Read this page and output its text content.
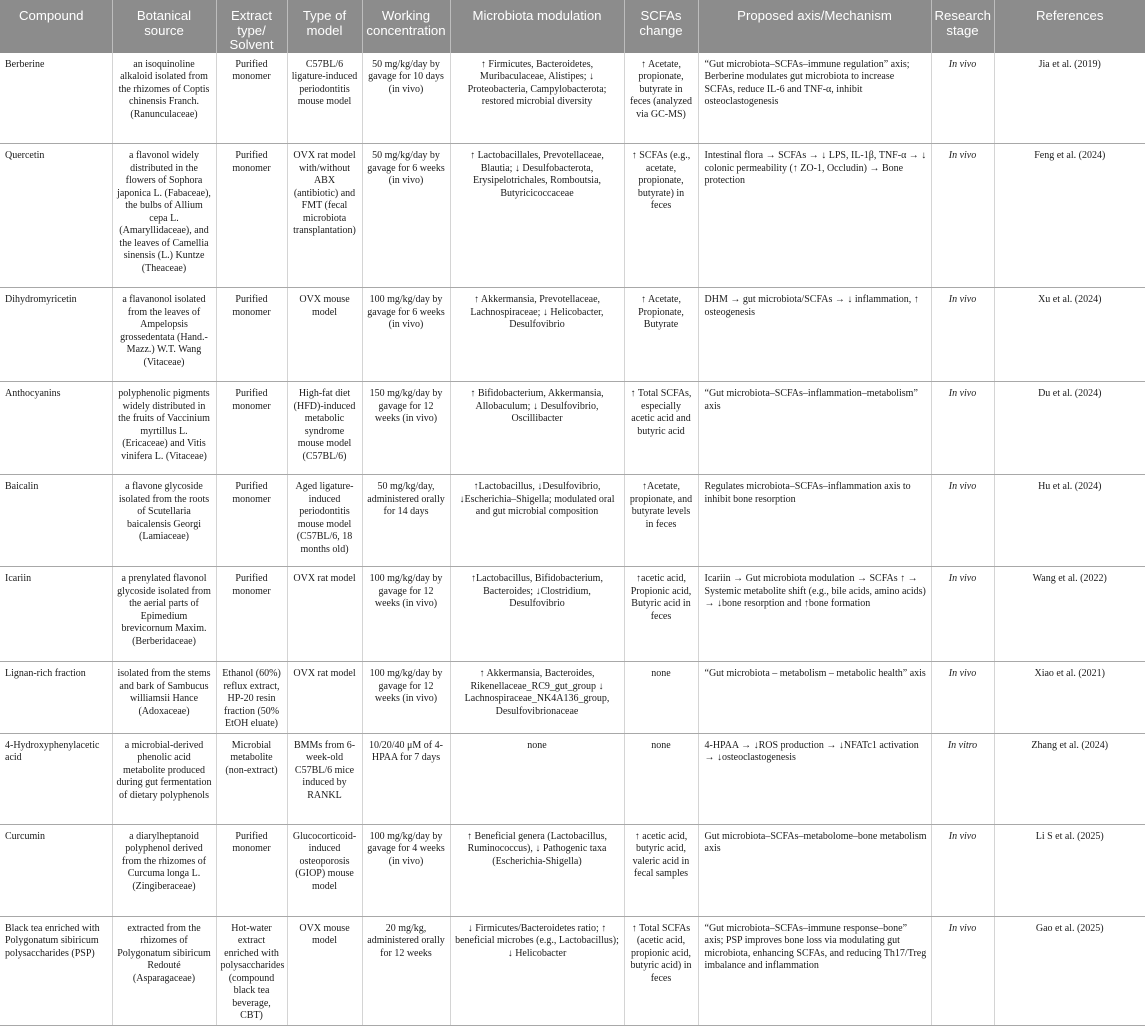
Compound	Botanical source	Extract type/ Solvent	Type of model	Working concentration	Microbiota modulation	SCFAs change	Proposed axis/Mechanism	Research stage	References
Berberine	an isoquinoline alkaloid isolated from the rhizomes of Coptis chinensis Franch. (Ranunculaceae)	Purified monomer	C57BL/6 ligature-induced periodontitis mouse model	50 mg/kg/day by gavage for 10 days (in vivo)	↑ Firmicutes, Bacteroidetes, Muribaculaceae, Alistipes; ↓ Proteobacteria, Campylobacterota; restored microbial diversity	↑ Acetate, propionate, butyrate in feces (analyzed via GC-MS)	“Gut microbiota–SCFAs–immune regulation” axis; Berberine modulates gut microbiota to increase SCFAs, reduce IL-6 and TNF-α, inhibit osteoclastogenesis	In vivo	Jia et al. (2019)
Quercetin	a flavonol widely distributed in the flowers of Sophora japonica L. (Fabaceae), the bulbs of Allium cepa L. (Amaryllidaceae), and the leaves of Camellia sinensis (L.) Kuntze (Theaceae)	Purified monomer	OVX rat model with/without ABX (antibiotic) and FMT (fecal microbiota transplantation)	50 mg/kg/day by gavage for 6 weeks (in vivo)	↑ Lactobacillales, Prevotellaceae, Blautia; ↓ Desulfobacterota, Erysipelotrichales, Romboutsia, Butyricicoccaceae	↑ SCFAs (e.g., acetate, propionate, butyrate) in feces	Intestinal flora → SCFAs → ↓ LPS, IL-1β, TNF-α → ↓ colonic permeability (↑ ZO-1, Occludin) → Bone protection	In vivo	Feng et al. (2024)
Dihydromyricetin	a flavanonol isolated from the leaves of Ampelopsis grossedentata (Hand.-Mazz.) W.T. Wang (Vitaceae)	Purified monomer	OVX mouse model	100 mg/kg/day by gavage for 6 weeks (in vivo)	↑ Akkermansia, Prevotellaceae, Lachnospiraceae; ↓ Helicobacter, Desulfovibrio	↑ Acetate, Propionate, Butyrate	DHM → gut microbiota/SCFAs → ↓ inflammation, ↑ osteogenesis	In vivo	Xu et al. (2024)
Anthocyanins	polyphenolic pigments widely distributed in the fruits of Vaccinium myrtillus L. (Ericaceae) and Vitis vinifera L. (Vitaceae)	Purified monomer	High-fat diet (HFD)-induced metabolic syndrome mouse model (C57BL/6)	150 mg/kg/day by gavage for 12 weeks (in vivo)	↑ Bifidobacterium, Akkermansia, Allobaculum; ↓ Desulfovibrio, Oscillibacter	↑ Total SCFAs, especially acetic acid and butyric acid	“Gut microbiota–SCFAs–inflammation–metabolism” axis	In vivo	Du et al. (2024)
Baicalin	a flavone glycoside isolated from the roots of Scutellaria baicalensis Georgi (Lamiaceae)	Purified monomer	Aged ligature-induced periodontitis mouse model (C57BL/6, 18 months old)	50 mg/kg/day, administered orally for 14 days	↑Lactobacillus, ↓Desulfovibrio, ↓Escherichia–Shigella; modulated oral and gut microbial composition	↑Acetate, propionate, and butyrate levels in feces	Regulates microbiota–SCFAs–inflammation axis to inhibit bone resorption	In vivo	Hu et al. (2024)
Icariin	a prenylated flavonol glycoside isolated from the aerial parts of Epimedium brevicornum Maxim. (Berberidaceae)	Purified monomer	OVX rat model	100 mg/kg/day by gavage for 12 weeks (in vivo)	↑Lactobacillus, Bifidobacterium, Bacteroides; ↓Clostridium, Desulfovibrio	↑acetic acid, Propionic acid, Butyric acid in feces	Icariin → Gut microbiota modulation → SCFAs ↑ → Systemic metabolite shift (e.g., bile acids, amino acids) → ↓bone resorption and ↑bone formation	In vivo	Wang et al. (2022)
Lignan-rich fraction	isolated from the stems and bark of Sambucus williamsii Hance (Adoxaceae)	Ethanol (60%) reflux extract, HP-20 resin fraction (50% EtOH eluate)	OVX rat model	100 mg/kg/day by gavage for 12 weeks (in vivo)	↑ Akkermansia, Bacteroides, Rikenellaceae_RC9_gut_group ↓ Lachnospiraceae_NK4A136_group, Desulfovibrionaceae	none	“Gut microbiota – metabolism – metabolic health” axis	In vivo	Xiao et al. (2021)
4-Hydroxyphenylacetic acid	a microbial-derived phenolic acid metabolite produced during gut fermentation of dietary polyphenols	Microbial metabolite (non-extract)	BMMs from 6-week-old C57BL/6 mice induced by RANKL	10/20/40 μM of 4-HPAA for 7 days	none	none	4-HPAA → ↓ROS production → ↓NFATc1 activation → ↓osteoclastogenesis	In vitro	Zhang et al. (2024)
Curcumin	a diarylheptanoid polyphenol derived from the rhizomes of Curcuma longa L. (Zingiberaceae)	Purified monomer	Glucocorticoid-induced osteoporosis (GIOP) mouse model	100 mg/kg/day by gavage for 4 weeks (in vivo)	↑ Beneficial genera (Lactobacillus, Ruminococcus), ↓ Pathogenic taxa (Escherichia-Shigella)	↑ acetic acid, butyric acid, valeric acid in fecal samples	Gut microbiota–SCFAs–metabolome–bone metabolism axis	In vivo	Li S et al. (2025)
Black tea enriched with Polygonatum sibiricum polysaccharides (PSP)	extracted from the rhizomes of Polygonatum sibiricum Redouté (Asparagaceae)	Hot-water extract enriched with polysaccharides (compound black tea beverage, CBT)	OVX mouse model	20 mg/kg, administered orally for 12 weeks	↓ Firmicutes/Bacteroidetes ratio; ↑ beneficial microbes (e.g., Lactobacillus); ↓ Helicobacter	↑ Total SCFAs (acetic acid, propionic acid, butyric acid) in feces	“Gut microbiota–SCFAs–immune response–bone” axis; PSP improves bone loss via modulating gut microbiota, enhancing SCFAs, and reducing Th17/Treg imbalance and inflammation	In vivo	Gao et al. (2025)
